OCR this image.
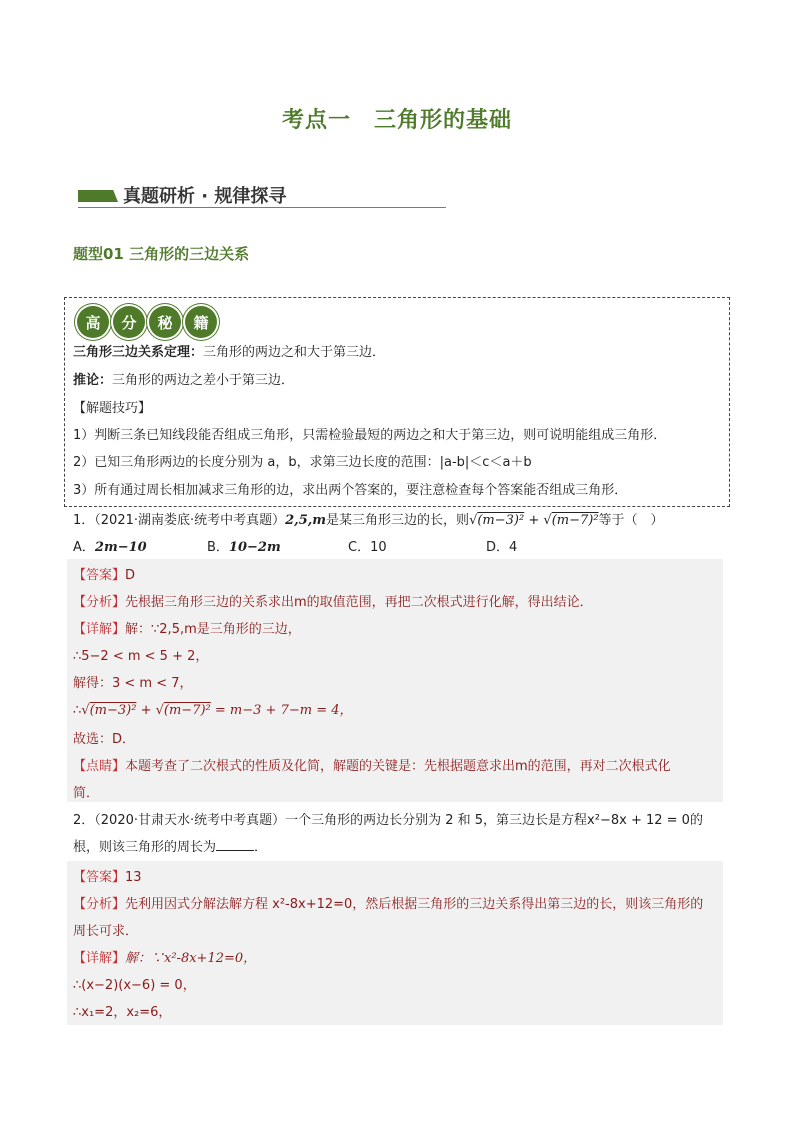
考点一　三角形的基础
真题研析 · 规律探寻
题型01 三角形的三边关系
高	分	秘	籍
三角形三边关系定理：三角形的两边之和大于第三边．
推论：三角形的两边之差小于第三边．
【解题技巧】
1）判断三条已知线段能否组成三角形，只需检验最短的两边之和大于第三边，则可说明能组成三角形．
2）已知三角形两边的长度分别为 a，b，求第三边长度的范围：|a-b|＜c＜a＋b
3）所有通过周长相加减求三角形的边，求出两个答案的，要注意检查每个答案能否组成三角形．
1．（2021·湖南娄底·统考中考真题）2,5,m是某三角形三边的长，则√(m−3)² + √(m−7)²等于（　）
A．2m−10	B．10−2m	C．10	D．4
【答案】D
【分析】先根据三角形三边的关系求出m的取值范围，再把二次根式进行化解，得出结论．
【详解】解：∵2,5,m是三角形的三边，
∴5−2 < m < 5 + 2，
解得：3 < m < 7，
∴√(m−3)² + √(m−7)² = m−3 + 7−m = 4，
故选：D．
【点睛】本题考查了二次根式的性质及化简，解题的关键是：先根据题意求出m的范围，再对二次根式化
简．
2．（2020·甘肃天水·统考中考真题）一个三角形的两边长分别为 2 和 5，第三边长是方程x²−8x + 12 = 0的
根，则该三角形的周长为	．
【答案】13
【分析】先利用因式分解法解方程 x²-8x+12=0，然后根据三角形的三边关系得出第三边的长，则该三角形的
周长可求．
【详解】解：∵x²-8x+12=0，
∴(x−2)(x−6) = 0，
∴x₁=2，x₂=6，
